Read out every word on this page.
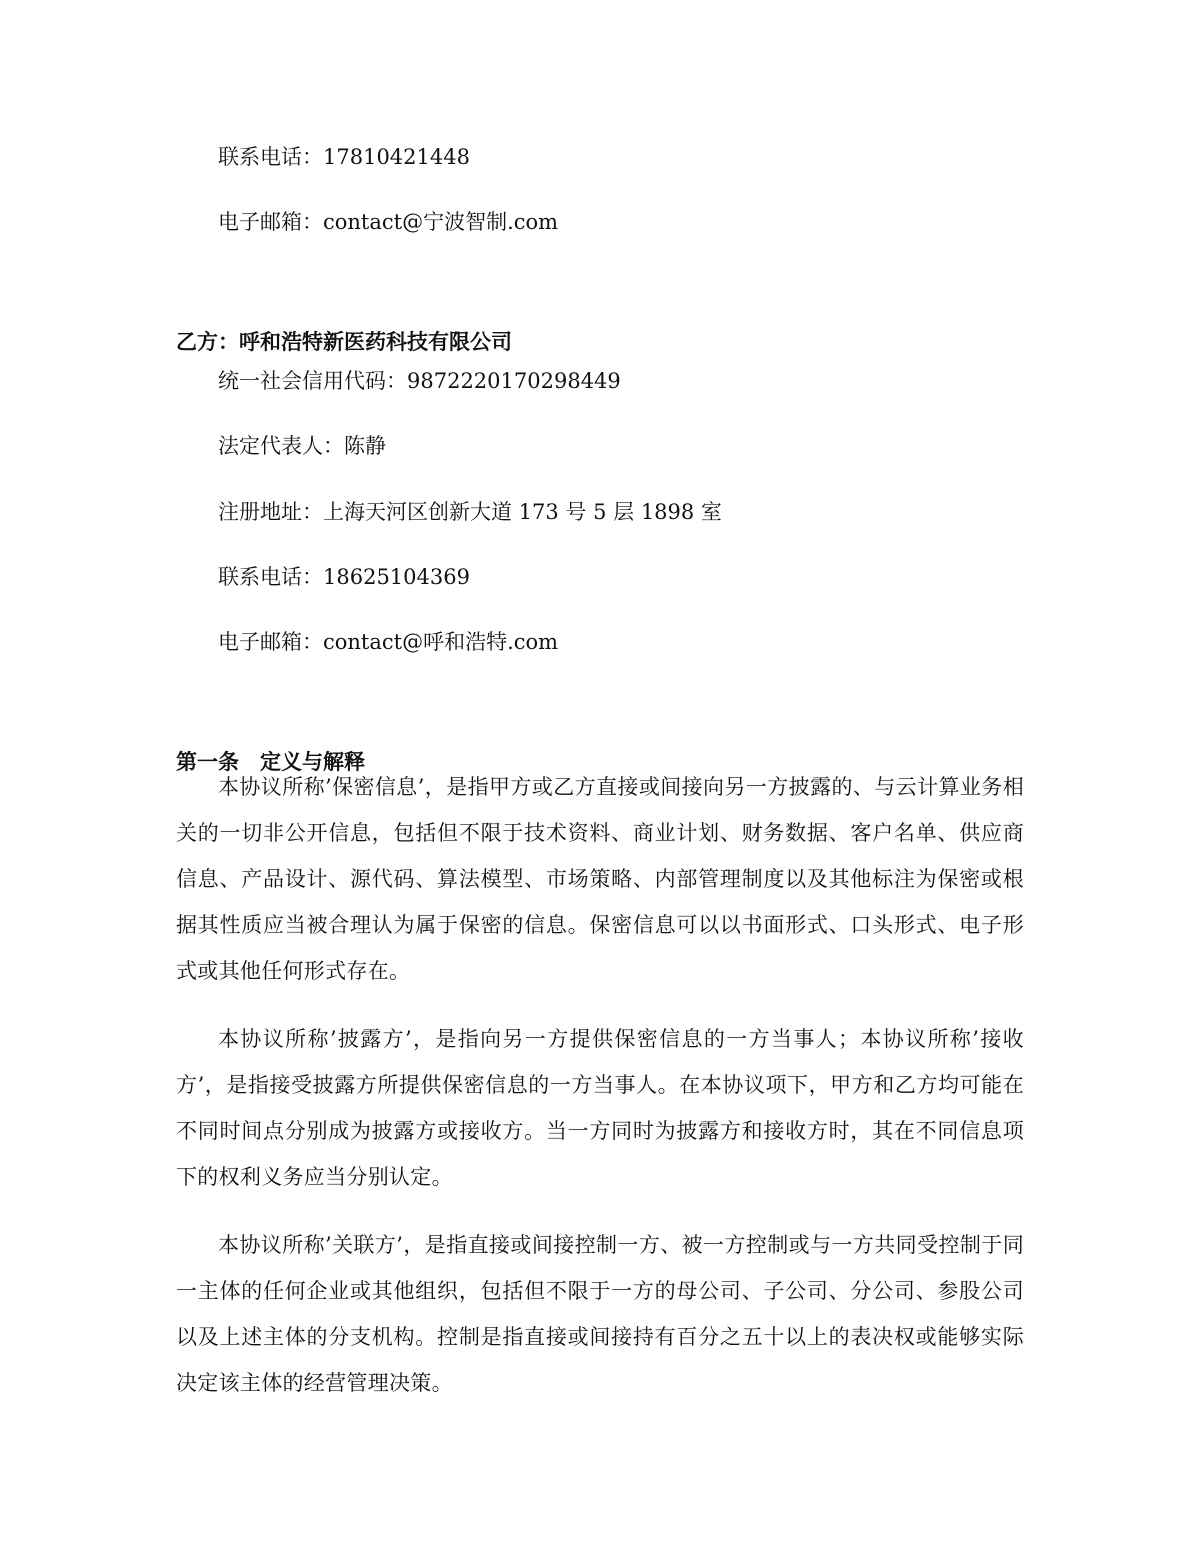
联系电话：17810421448
电子邮箱：contact@宁波智制.com
乙方：呼和浩特新医药科技有限公司
统一社会信用代码：9872220170298449
法定代表人：陈静
注册地址：上海天河区创新大道 173 号 5 层 1898 室
联系电话：18625104369
电子邮箱：contact@呼和浩特.com
第一条　定义与解释

本协议所称’保密信息’，是指甲方或乙方直接或间接向另一方披露的、与云计算业务相关的一切非公开信息，包括但不限于技术资料、商业计划、财务数据、客户名单、供应商信息、产品设计、源代码、算法模型、市场策略、内部管理制度以及其他标注为保密或根据其性质应当被合理认为属于保密的信息。保密信息可以以书面形式、口头形式、电子形式或其他任何形式存在。

本协议所称’披露方’，是指向另一方提供保密信息的一方当事人；本协议所称’接收方’，是指接受披露方所提供保密信息的一方当事人。在本协议项下，甲方和乙方均可能在不同时间点分别成为披露方或接收方。当一方同时为披露方和接收方时，其在不同信息项下的权利义务应当分别认定。

本协议所称’关联方’，是指直接或间接控制一方、被一方控制或与一方共同受控制于同一主体的任何企业或其他组织，包括但不限于一方的母公司、子公司、分公司、参股公司以及上述主体的分支机构。控制是指直接或间接持有百分之五十以上的表决权或能够实际决定该主体的经营管理决策。
